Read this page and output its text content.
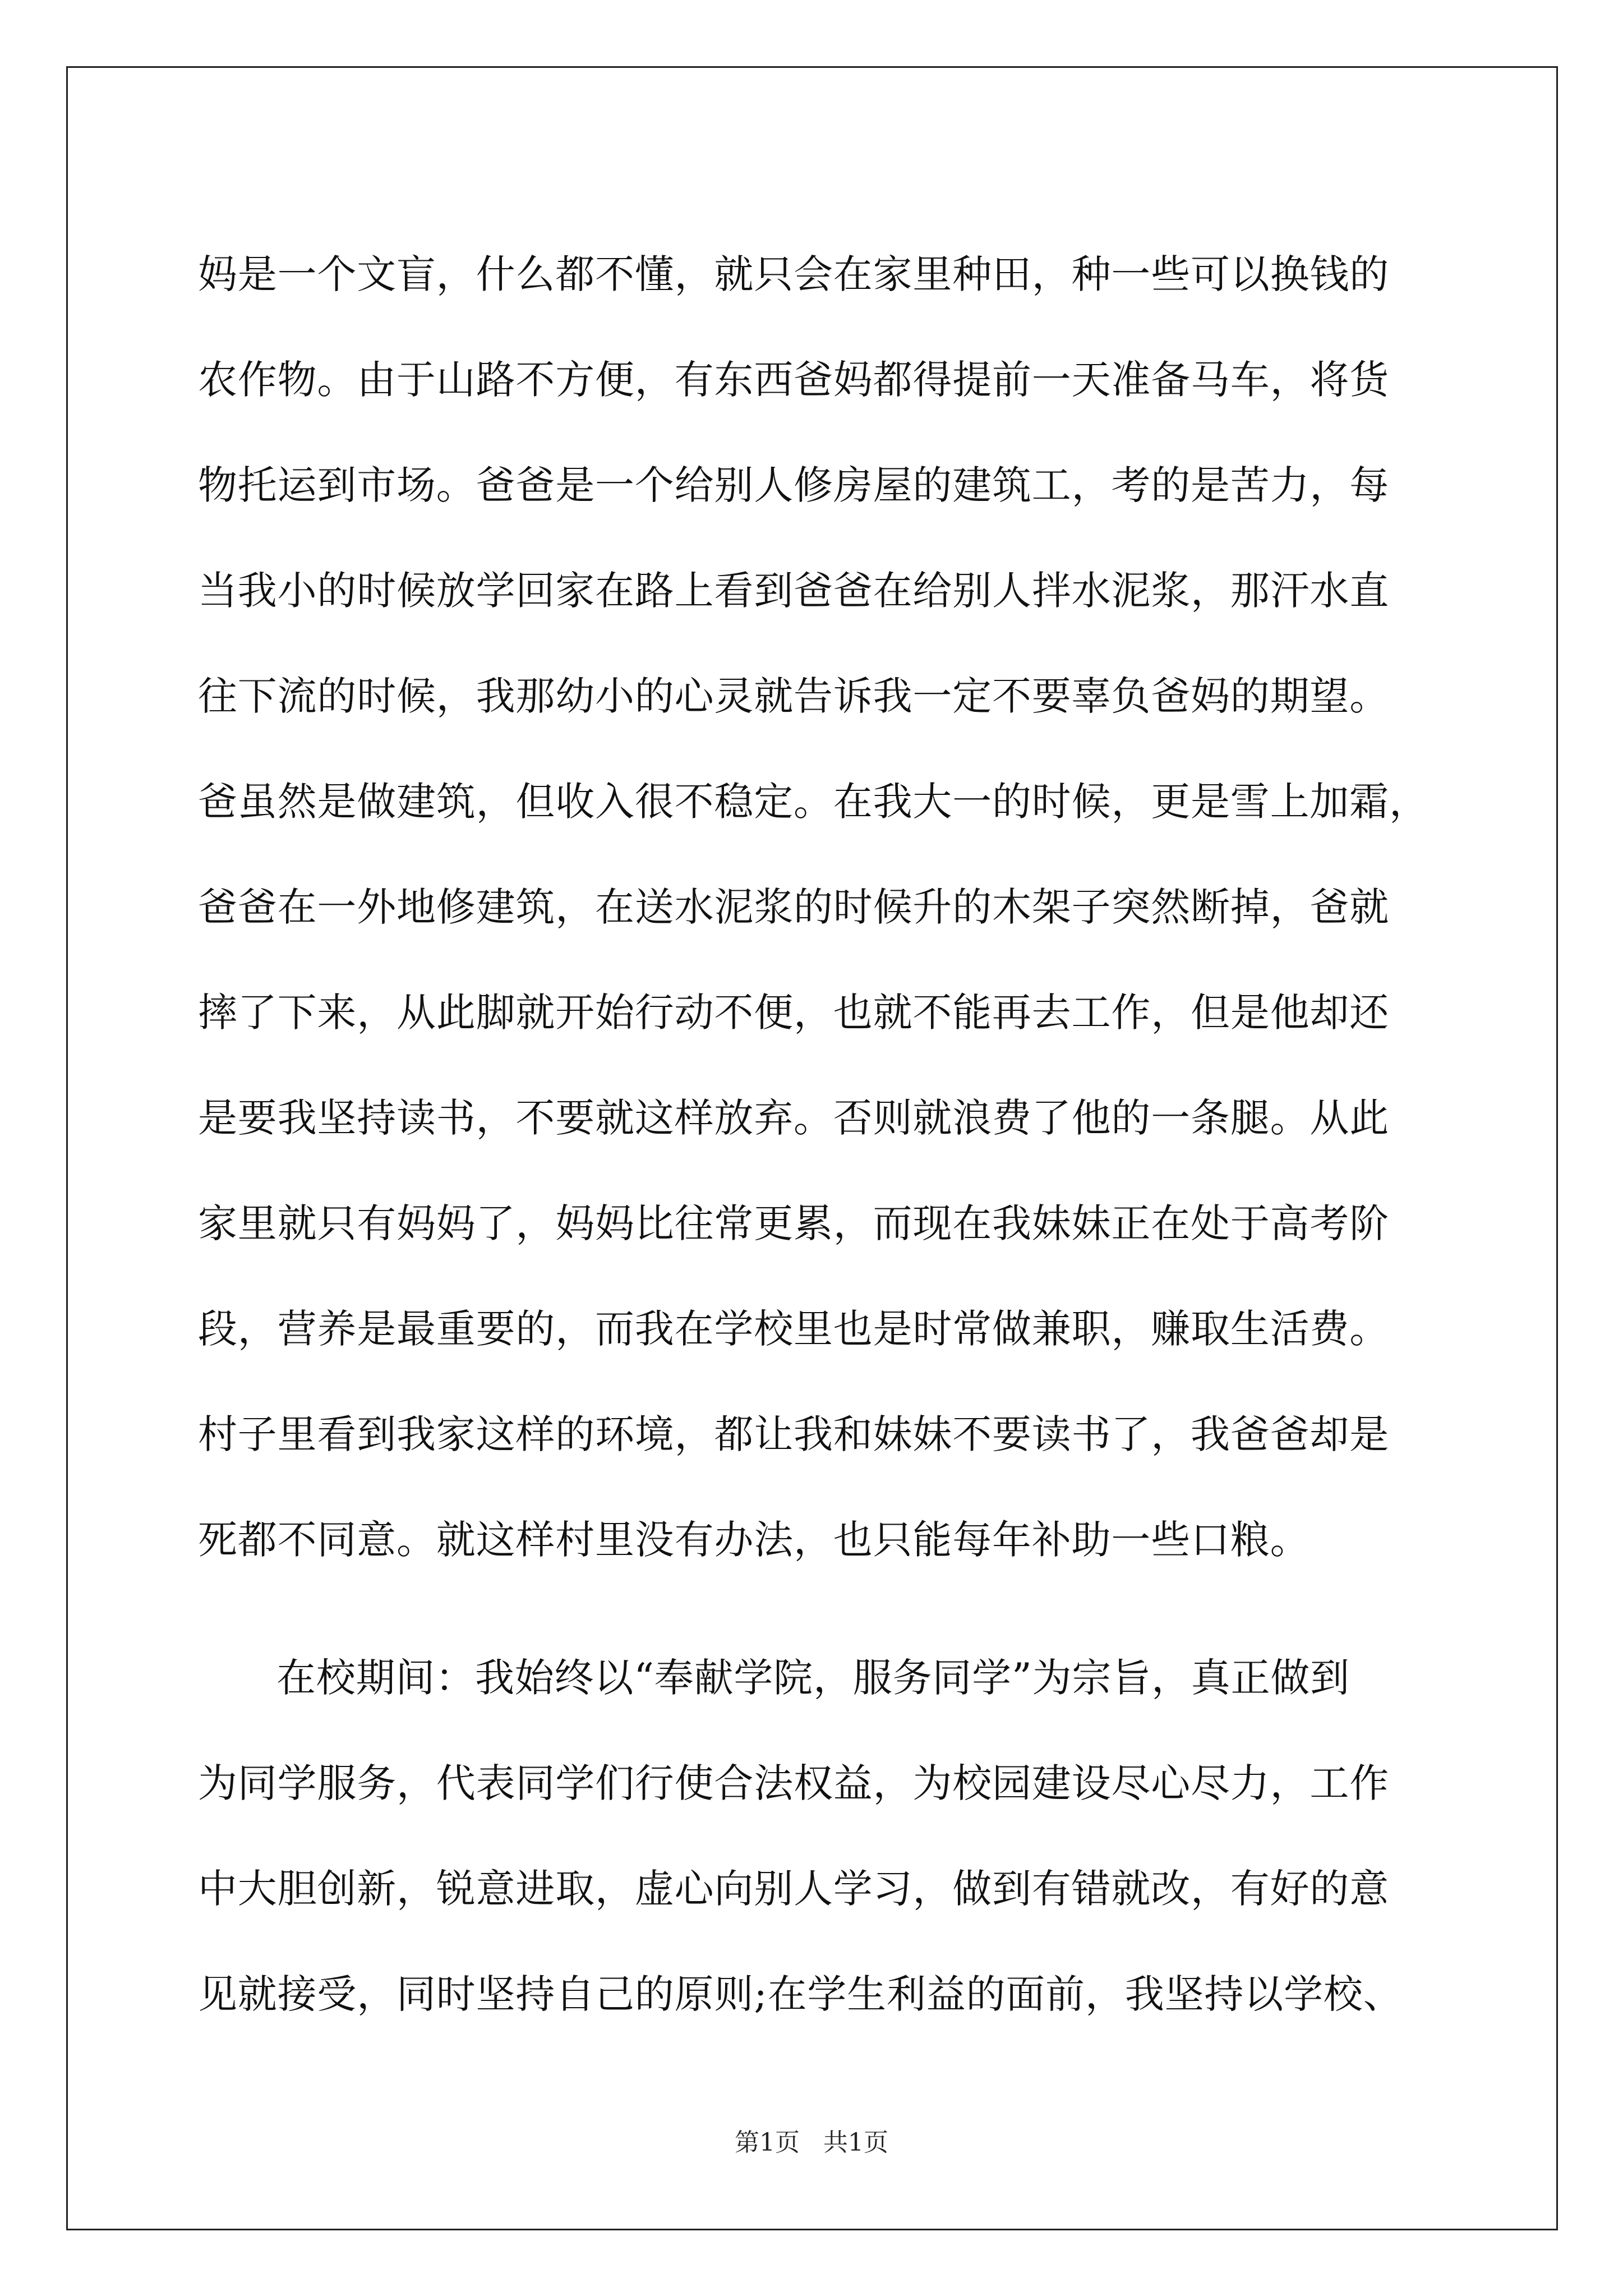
妈是一个文盲，什么都不懂，就只会在家里种田，种一些可以换钱的
农作物。由于山路不方便，有东西爸妈都得提前一天准备马车，将货
物托运到市场。爸爸是一个给别人修房屋的建筑工，考的是苦力，每
当我小的时候放学回家在路上看到爸爸在给别人拌水泥浆，那汗水直
往下流的时候，我那幼小的心灵就告诉我一定不要辜负爸妈的期望。
爸虽然是做建筑，但收入很不稳定。在我大一的时候，更是雪上加霜，
爸爸在一外地修建筑，在送水泥浆的时候升的木架子突然断掉，爸就
摔了下来，从此脚就开始行动不便，也就不能再去工作，但是他却还
是要我坚持读书，不要就这样放弃。否则就浪费了他的一条腿。从此
家里就只有妈妈了，妈妈比往常更累，而现在我妹妹正在处于高考阶
段，营养是最重要的，而我在学校里也是时常做兼职，赚取生活费。
村子里看到我家这样的环境，都让我和妹妹不要读书了，我爸爸却是
死都不同意。就这样村里没有办法，也只能每年补助一些口粮。
在校期间：我始终以“奉献学院，服务同学”为宗旨，真正做到
为同学服务，代表同学们行使合法权益，为校园建设尽心尽力，工作
中大胆创新，锐意进取，虚心向别人学习，做到有错就改，有好的意
见就接受，同时坚持自己的原则;在学生利益的面前，我坚持以学校、
第1页 共1页
